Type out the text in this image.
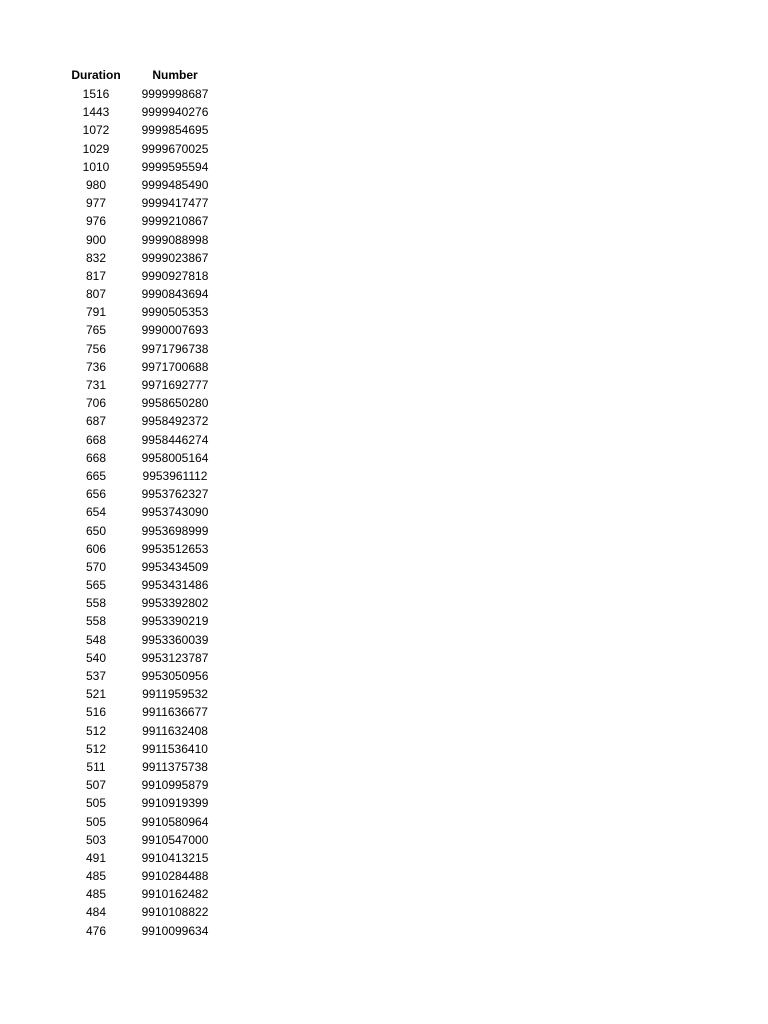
Duration	Number
1516	9999998687
1443	9999940276
1072	9999854695
1029	9999670025
1010	9999595594
980	9999485490
977	9999417477
976	9999210867
900	9999088998
832	9999023867
817	9990927818
807	9990843694
791	9990505353
765	9990007693
756	9971796738
736	9971700688
731	9971692777
706	9958650280
687	9958492372
668	9958446274
668	9958005164
665	9953961112
656	9953762327
654	9953743090
650	9953698999
606	9953512653
570	9953434509
565	9953431486
558	9953392802
558	9953390219
548	9953360039
540	9953123787
537	9953050956
521	9911959532
516	9911636677
512	9911632408
512	9911536410
511	9911375738
507	9910995879
505	9910919399
505	9910580964
503	9910547000
491	9910413215
485	9910284488
485	9910162482
484	9910108822
476	9910099634
